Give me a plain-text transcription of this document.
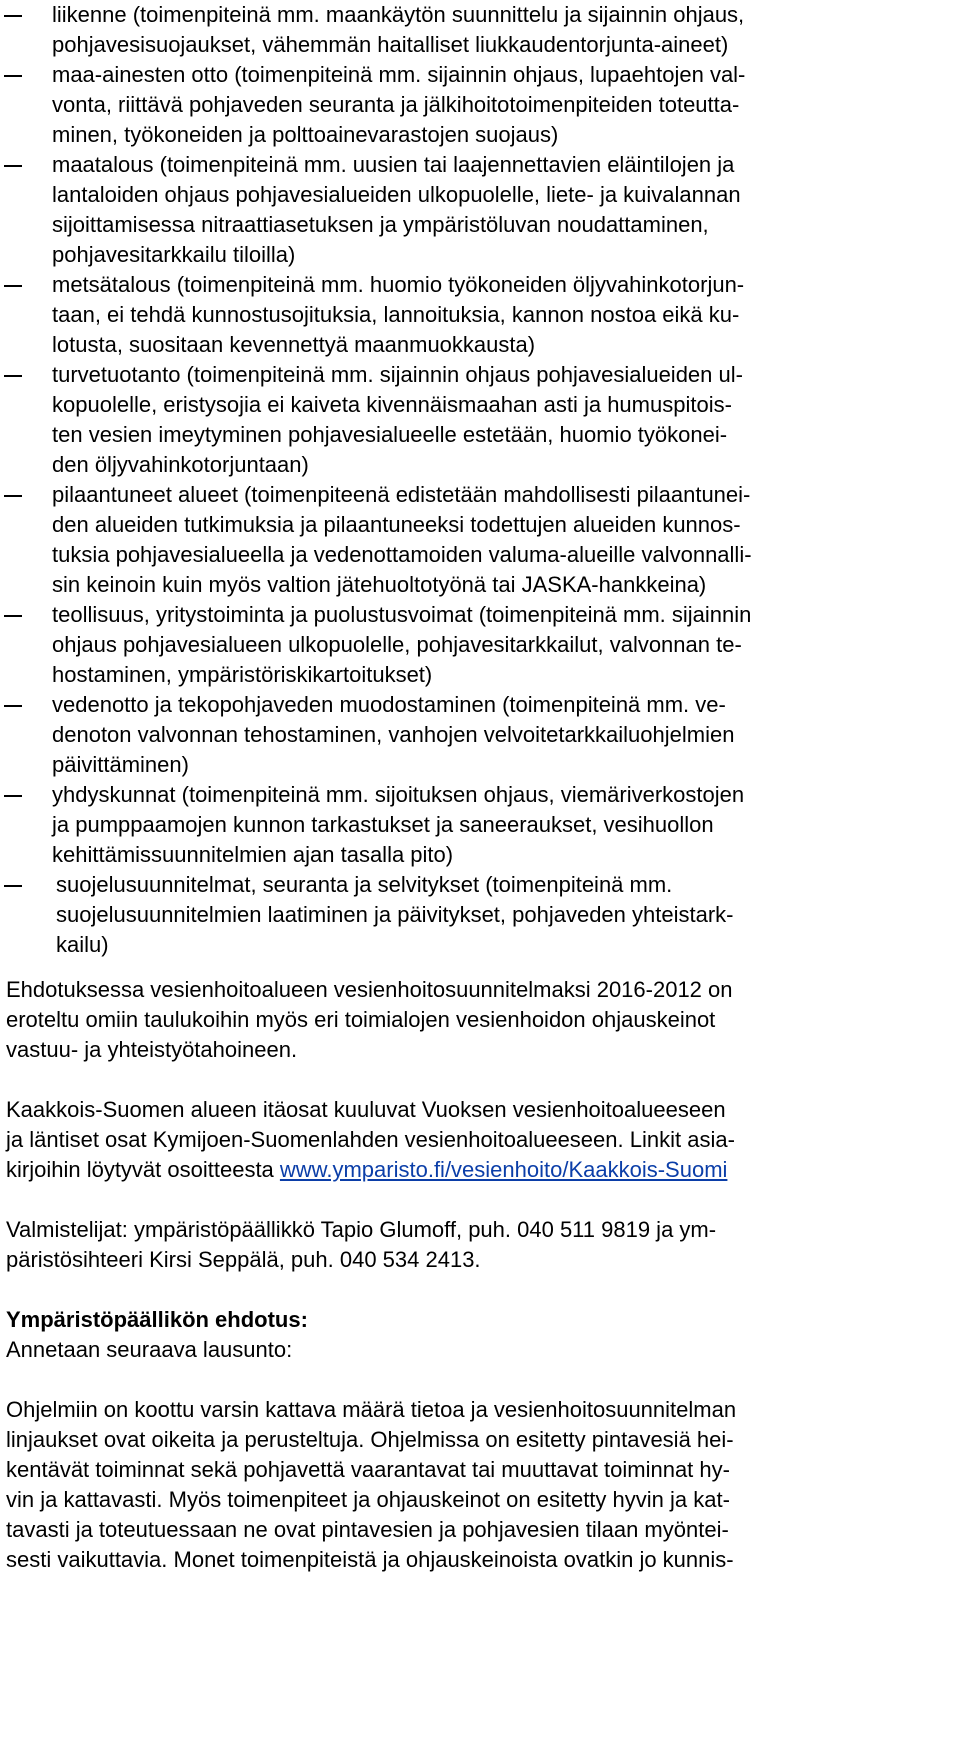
liikenne (toimenpiteinä mm. maankäytön suunnittelu ja sijainnin ohjaus,
pohjavesisuojaukset, vähemmän haitalliset liukkaudentorjunta-aineet)
maa-ainesten otto (toimenpiteinä mm. sijainnin ohjaus, lupaehtojen val-
vonta, riittävä pohjaveden seuranta ja jälkihoitotoimenpiteiden toteutta-
minen, työkoneiden ja polttoainevarastojen suojaus)
maatalous (toimenpiteinä mm. uusien tai laajennettavien eläintilojen ja
lantaloiden ohjaus pohjavesialueiden ulkopuolelle, liete- ja kuivalannan
sijoittamisessa nitraattiasetuksen ja ympäristöluvan noudattaminen,
pohjavesitarkkailu tiloilla)
metsätalous (toimenpiteinä mm. huomio työkoneiden öljyvahinkotorjun-
taan, ei tehdä kunnostusojituksia, lannoituksia, kannon nostoa eikä ku-
lotusta, suositaan kevennettyä maanmuokkausta)
turvetuotanto (toimenpiteinä mm. sijainnin ohjaus pohjavesialueiden ul-
kopuolelle, eristysojia ei kaiveta kivennäismaahan asti ja humuspitois-
ten vesien imeytyminen pohjavesialueelle estetään, huomio työkonei-
den öljyvahinkotorjuntaan)
pilaantuneet alueet (toimenpiteenä edistetään mahdollisesti pilaantunei-
den alueiden tutkimuksia ja pilaantuneeksi todettujen alueiden kunnos-
tuksia pohjavesialueella ja vedenottamoiden valuma-alueille valvonnalli-
sin keinoin kuin myös valtion jätehuoltotyönä tai JASKA-hankkeina)
teollisuus, yritystoiminta ja puolustusvoimat (toimenpiteinä mm. sijainnin
ohjaus pohjavesialueen ulkopuolelle, pohjavesitarkkailut, valvonnan te-
hostaminen, ympäristöriskikartoitukset)
vedenotto ja tekopohjaveden muodostaminen (toimenpiteinä mm. ve-
denoton valvonnan tehostaminen, vanhojen velvoitetarkkailuohjelmien
päivittäminen)
yhdyskunnat (toimenpiteinä mm. sijoituksen ohjaus, viemäriverkostojen
ja pumppaamojen kunnon tarkastukset ja saneeraukset, vesihuollon
kehittämissuunnitelmien ajan tasalla pito)
suojelusuunnitelmat, seuranta ja selvitykset (toimenpiteinä mm.
suojelusuunnitelmien laatiminen ja päivitykset, pohjaveden yhteistark-
kailu)
Ehdotuksessa vesienhoitoalueen vesienhoitosuunnitelmaksi 2016-2012 on
eroteltu omiin taulukoihin myös eri toimialojen vesienhoidon ohjauskeinot
vastuu- ja yhteistyötahoineen.
Kaakkois-Suomen alueen itäosat kuuluvat Vuoksen vesienhoitoalueeseen
ja läntiset osat Kymijoen-Suomenlahden vesienhoitoalueeseen. Linkit asia-
kirjoihin löytyvät osoitteesta www.ymparisto.fi/vesienhoito/Kaakkois-Suomi
Valmistelijat: ympäristöpäällikkö Tapio Glumoff, puh. 040 511 9819 ja ym-
päristösihteeri Kirsi Seppälä, puh. 040 534 2413.
Ympäristöpäällikön ehdotus:
Annetaan seuraava lausunto:
Ohjelmiin on koottu varsin kattava määrä tietoa ja vesienhoitosuunnitelman
linjaukset ovat oikeita ja perusteltuja. Ohjelmissa on esitetty pintavesiä hei-
kentävät toiminnat sekä pohjavettä vaarantavat tai muuttavat toiminnat hy-
vin ja kattavasti. Myös toimenpiteet ja ohjauskeinot on esitetty hyvin ja kat-
tavasti ja toteutuessaan ne ovat pintavesien ja pohjavesien tilaan myöntei-
sesti vaikuttavia. Monet toimenpiteistä ja ohjauskeinoista ovatkin jo kunnis-
